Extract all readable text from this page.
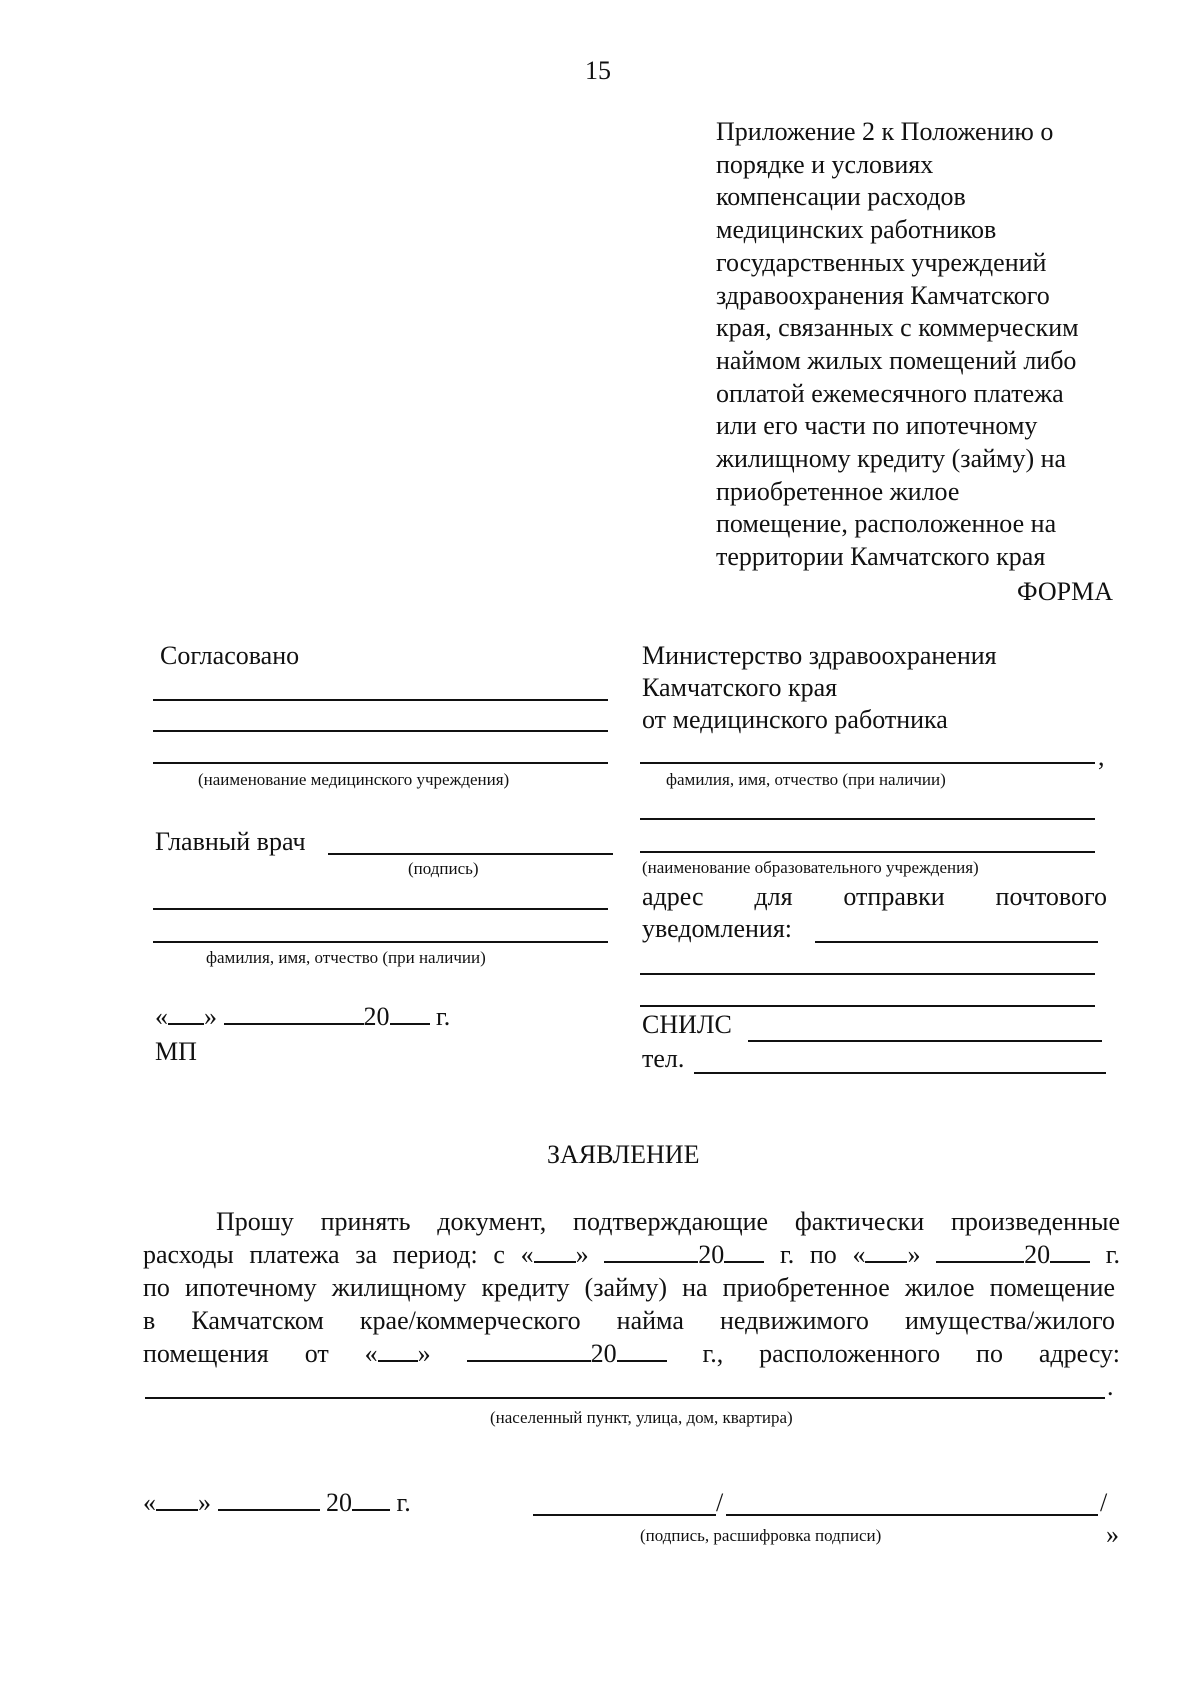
15
Приложение 2 к Положению о
порядке и условиях
компенсации расходов
медицинских работников
государственных учреждений
здравоохранения Камчатского
края, связанных с коммерческим
наймом жилых помещений либо
оплатой ежемесячного платежа
или его части по ипотечному
жилищному кредиту (займу) на
приобретенное жилое
помещение, расположенное на
территории Камчатского края
ФОРМА
Согласовано
(наименование медицинского учреждения)
Главный врач
(подпись)
фамилия, имя, отчество (при наличии)
« »	20 г.
МП
Министерство здравоохранения
Камчатского края
от медицинского работника
,
фамилия, имя, отчество (при наличии)
(наименование образовательного учреждения)
адрес для отправки почтового
уведомления:
СНИЛС
тел.
ЗАЯВЛЕНИЕ
Прошу принять документ, подтверждающие фактически произведенные
расходы платежа за период: с « »	20 г. по « »	20 г.
по ипотечному жилищному кредиту (займу) на приобретенное жилое помещение
в Камчатском крае/коммерческого найма недвижимого имущества/жилого
помещения от « »	20	г., расположенного по адресу:
.
(населенный пункт, улица, дом, квартира)
« »	20 г.	/	/
(подпись, расшифровка подписи)	»
